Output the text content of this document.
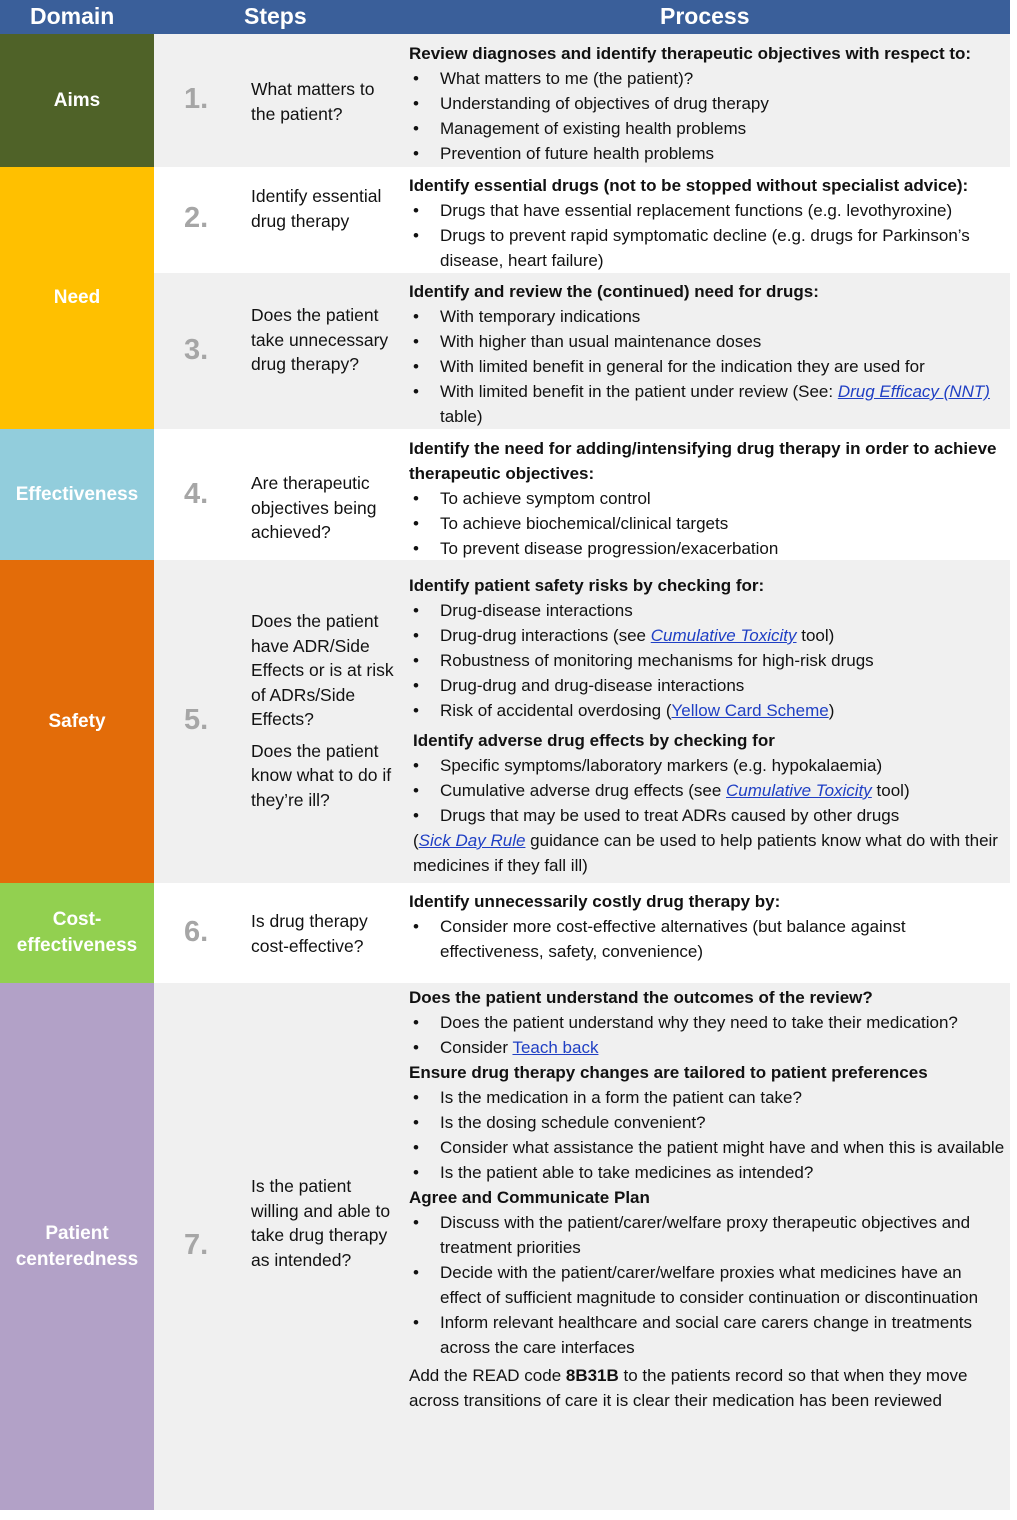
Domain	Steps	Process
Aims
Need
Effectiveness
Safety
Cost-
effectiveness
Patient
centeredness
1.
2.
3.
4.
5.
6.
7.
What matters to the patient?
Identify essential drug therapy
Does the patient take unnecessary drug therapy?
Are therapeutic objectives being achieved?

Does the patient have ADR/Side Effects or is at risk of ADRs/Side Effects?

Does the patient know what to do if they’re ill?

Is drug therapy cost-effective?
Is the patient willing and able to take drug therapy as intended?
Review diagnoses and identify therapeutic objectives with respect to:
• What matters to me (the patient)?
• Understanding of objectives of drug therapy
• Management of existing health problems
• Prevention of future health problems
Identify essential drugs (not to be stopped without specialist advice):
• Drugs that have essential replacement functions (e.g. levothyroxine)
• Drugs to prevent rapid symptomatic decline (e.g. drugs for Parkinson’s disease, heart failure)
Identify and review the (continued) need for drugs:
• With temporary indications
• With higher than usual maintenance doses
• With limited benefit in general for the indication they are used for
• With limited benefit in the patient under review (See: Drug Efficacy (NNT) table)
Identify the need for adding/intensifying drug therapy in order to achieve therapeutic objectives:
• To achieve symptom control
• To achieve biochemical/clinical targets
• To prevent disease progression/exacerbation
Identify patient safety risks by checking for:
• Drug-disease interactions
• Drug-drug interactions (see Cumulative Toxicity tool)
• Robustness of monitoring mechanisms for high-risk drugs
• Drug-drug and drug-disease interactions
• Risk of accidental overdosing (Yellow Card Scheme)
Identify adverse drug effects by checking for
• Specific symptoms/laboratory markers (e.g. hypokalaemia)
• Cumulative adverse drug effects (see Cumulative Toxicity tool)
• Drugs that may be used to treat ADRs caused by other drugs
(Sick Day Rule guidance can be used to help patients know what do with their medicines if they fall ill)
Identify unnecessarily costly drug therapy by:
• Consider more cost-effective alternatives (but balance against effectiveness, safety, convenience)
Does the patient understand the outcomes of the review?
• Does the patient understand why they need to take their medication?
• Consider Teach back
Ensure drug therapy changes are tailored to patient preferences
• Is the medication in a form the patient can take?
• Is the dosing schedule convenient?
• Consider what assistance the patient might have and when this is available
• Is the patient able to take medicines as intended?
Agree and Communicate Plan
• Discuss with the patient/carer/welfare proxy therapeutic objectives and treatment priorities
• Decide with the patient/carer/welfare proxies what medicines have an effect of sufficient magnitude to consider continuation or discontinuation
• Inform relevant healthcare and social care carers change in treatments across the care interfaces
Add the READ code 8B31B to the patients record so that when they move across transitions of care it is clear their medication has been reviewed
